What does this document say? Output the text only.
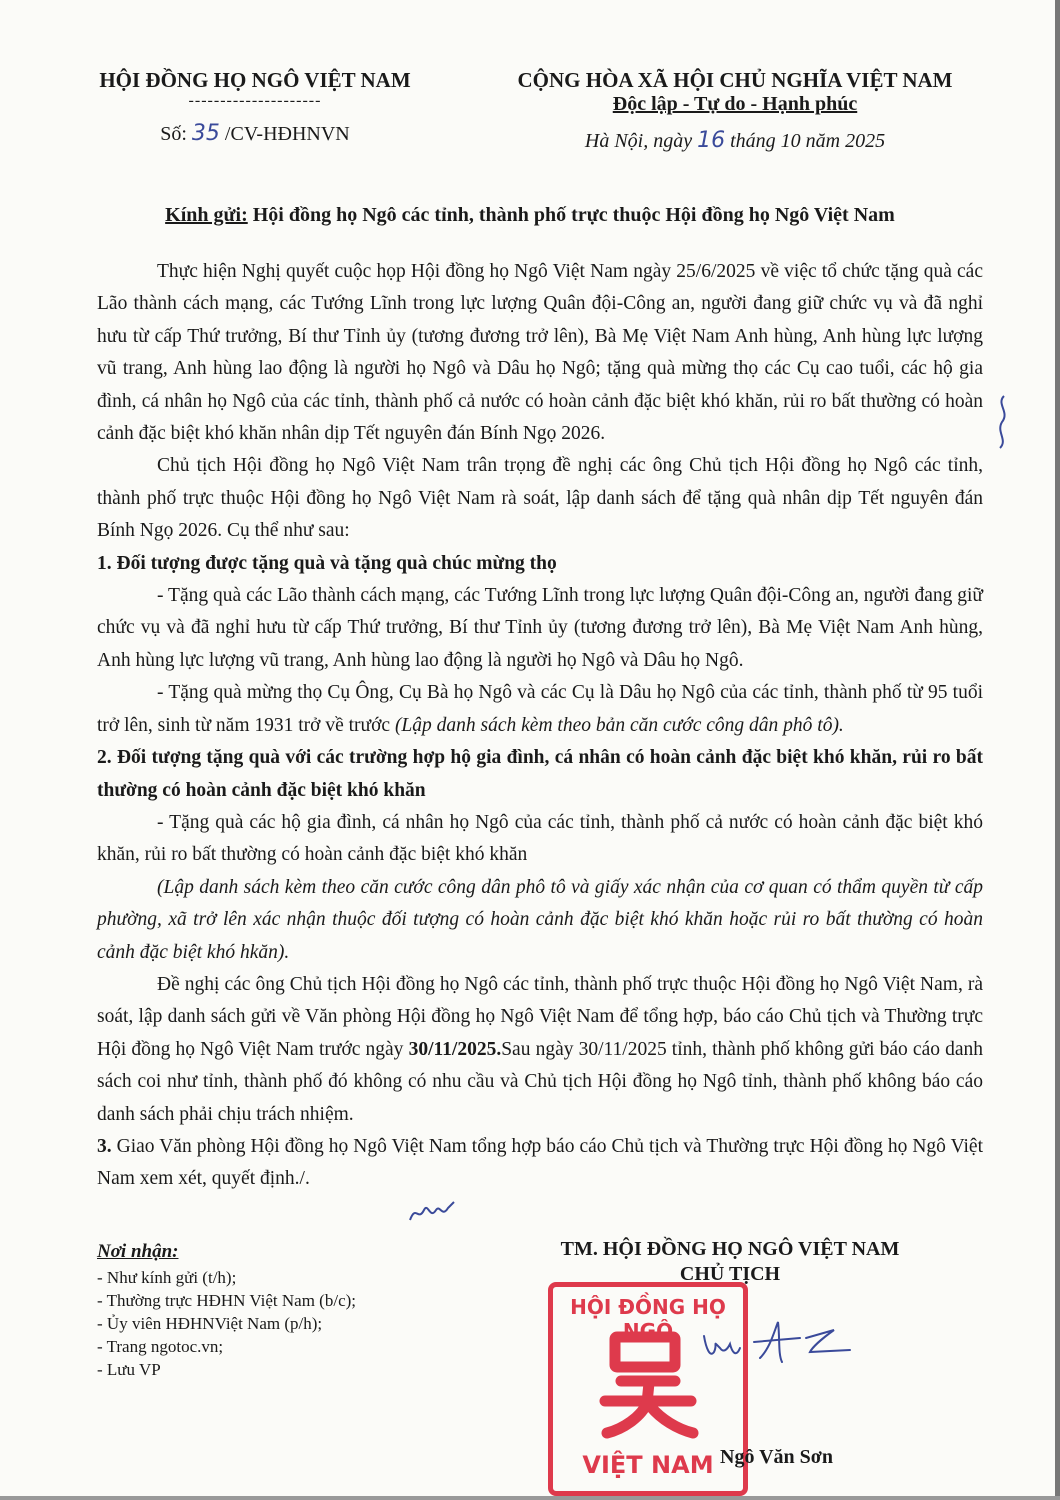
HỘI ĐỒNG HỌ NGÔ VIỆT NAM
---------------------
Số: 35 /CV-HĐHNVN
CỘNG HÒA XÃ HỘI CHỦ NGHĨA VIỆT NAM
Độc lập - Tự do - Hạnh phúc
Hà Nội, ngày 16 tháng 10 năm 2025
Kính gửi: Hội đồng họ Ngô các tỉnh, thành phố trực thuộc Hội đồng họ Ngô Việt Nam

Thực hiện Nghị quyết cuộc họp Hội đồng họ Ngô Việt Nam ngày 25/6/2025 về việc tổ chức tặng quà các Lão thành cách mạng, các Tướng Lĩnh trong lực lượng Quân đội-Công an, người đang giữ chức vụ và đã nghỉ hưu từ cấp Thứ trưởng, Bí thư Tỉnh ủy (tương đương trở lên), Bà Mẹ Việt Nam Anh hùng, Anh hùng lực lượng vũ trang, Anh hùng lao động là người họ Ngô và Dâu họ Ngô; tặng quà mừng thọ các Cụ cao tuổi, các hộ gia đình, cá nhân họ Ngô của các tỉnh, thành phố cả nước có hoàn cảnh đặc biệt khó khăn, rủi ro bất thường có hoàn cảnh đặc biệt khó khăn nhân dịp Tết nguyên đán Bính Ngọ 2026.

Chủ tịch Hội đồng họ Ngô Việt Nam trân trọng đề nghị các ông Chủ tịch Hội đồng họ Ngô các tỉnh, thành phố trực thuộc Hội đồng họ Ngô Việt Nam rà soát, lập danh sách để tặng quà nhân dịp Tết nguyên đán Bính Ngọ 2026. Cụ thể như sau:

1. Đối tượng được tặng quà và tặng quà chúc mừng thọ

- Tặng quà các Lão thành cách mạng, các Tướng Lĩnh trong lực lượng Quân đội-Công an, người đang giữ chức vụ và đã nghỉ hưu từ cấp Thứ trưởng, Bí thư Tỉnh ủy (tương đương trở lên), Bà Mẹ Việt Nam Anh hùng, Anh hùng lực lượng vũ trang, Anh hùng lao động là người họ Ngô và Dâu họ Ngô.

- Tặng quà mừng thọ Cụ Ông, Cụ Bà họ Ngô và các Cụ là Dâu họ Ngô của các tỉnh, thành phố từ 95 tuổi trở lên, sinh từ năm 1931 trở về trước (Lập danh sách kèm theo bản căn cước công dân phô tô).

2. Đối tượng tặng quà với các trường hợp hộ gia đình, cá nhân có hoàn cảnh đặc biệt khó khăn, rủi ro bất thường có hoàn cảnh đặc biệt khó khăn

- Tặng quà các hộ gia đình, cá nhân họ Ngô của các tỉnh, thành phố cả nước có hoàn cảnh đặc biệt khó khăn, rủi ro bất thường có hoàn cảnh đặc biệt khó khăn

(Lập danh sách kèm theo căn cước công dân phô tô và giấy xác nhận của cơ quan có thẩm quyền từ cấp phường, xã trở lên xác nhận thuộc đối tượng có hoàn cảnh đặc biệt khó khăn hoặc rủi ro bất thường có hoàn cảnh đặc biệt khó hkăn).

Đề nghị các ông Chủ tịch Hội đồng họ Ngô các tỉnh, thành phố trực thuộc Hội đồng họ Ngô Việt Nam, rà soát, lập danh sách gửi về Văn phòng Hội đồng họ Ngô Việt Nam để tổng hợp, báo cáo Chủ tịch và Thường trực Hội đồng họ Ngô Việt Nam trước ngày 30/11/2025.Sau ngày 30/11/2025 tỉnh, thành phố không gửi báo cáo danh sách coi như tỉnh, thành phố đó không có nhu cầu và Chủ tịch Hội đồng họ Ngô tỉnh, thành phố không báo cáo danh sách phải chịu trách nhiệm.

3. Giao Văn phòng Hội đồng họ Ngô Việt Nam tổng hợp báo cáo Chủ tịch và Thường trực Hội đồng họ Ngô Việt Nam xem xét, quyết định./.

Nơi nhận:
- Như kính gửi (t/h);
- Thường trực HĐHN Việt Nam (b/c);
- Ủy viên HĐHNViệt Nam (p/h);
- Trang ngotoc.vn;
- Lưu VP
TM. HỘI ĐỒNG HỌ NGÔ VIỆT NAM
CHỦ TỊCH
HỘI ĐỒNG HỌ NGÔ
VIỆT NAM Ngô Văn Sơn
